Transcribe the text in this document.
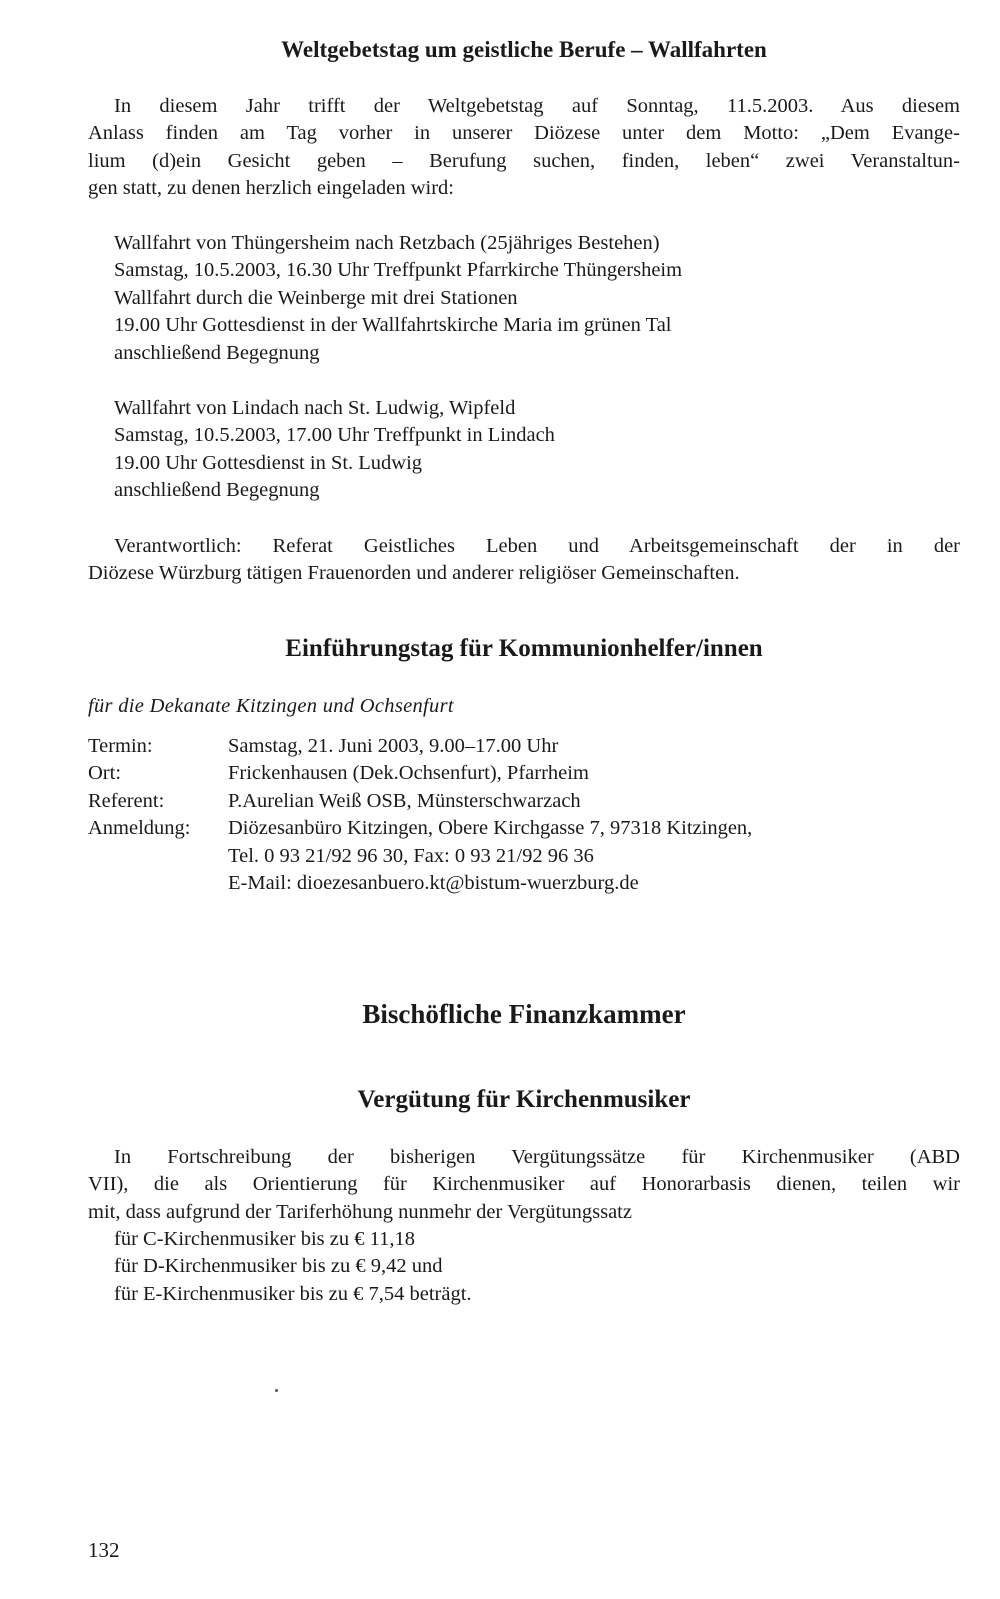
Weltgebetstag um geistliche Berufe – Wallfahrten
In diesem Jahr trifft der Weltgebetstag auf Sonntag, 11.5.2003. Aus diesem
Anlass finden am Tag vorher in unserer Diözese unter dem Motto: „Dem Evange-
lium (d)ein Gesicht geben – Berufung suchen, finden, leben“ zwei Veranstaltun-
gen statt, zu denen herzlich eingeladen wird:
Wallfahrt von Thüngersheim nach Retzbach (25jähriges Bestehen)
Samstag, 10.5.2003, 16.30 Uhr Treffpunkt Pfarrkirche Thüngersheim
Wallfahrt durch die Weinberge mit drei Stationen
19.00 Uhr Gottesdienst in der Wallfahrtskirche Maria im grünen Tal
anschließend Begegnung
Wallfahrt von Lindach nach St. Ludwig, Wipfeld
Samstag, 10.5.2003, 17.00 Uhr Treffpunkt in Lindach
19.00 Uhr Gottesdienst in St. Ludwig
anschließend Begegnung
Verantwortlich: Referat Geistliches Leben und Arbeitsgemeinschaft der in der
Diözese Würzburg tätigen Frauenorden und anderer religiöser Gemeinschaften.
Einführungstag für Kommunionhelfer/innen
für die Dekanate Kitzingen und Ochsenfurt
Termin:	Samstag, 21. Juni 2003, 9.00–17.00 Uhr
Ort:	Frickenhausen (Dek.Ochsenfurt), Pfarrheim
Referent:	P.Aurelian Weiß OSB, Münsterschwarzach
Anmeldung:	Diözesanbüro Kitzingen, Obere Kirchgasse 7, 97318 Kitzingen,
Tel. 0 93 21/92 96 30, Fax: 0 93 21/92 96 36
E-Mail: dioezesanbuero.kt@bistum-wuerzburg.de
Bischöfliche Finanzkammer
Vergütung für Kirchenmusiker
In Fortschreibung der bisherigen Vergütungssätze für Kirchenmusiker (ABD
VII), die als Orientierung für Kirchenmusiker auf Honorarbasis dienen, teilen wir
mit, dass aufgrund der Tariferhöhung nunmehr der Vergütungssatz
für C-Kirchenmusiker bis zu € 11,18
für D-Kirchenmusiker bis zu € 9,42 und
für E-Kirchenmusiker bis zu € 7,54 beträgt.
132
